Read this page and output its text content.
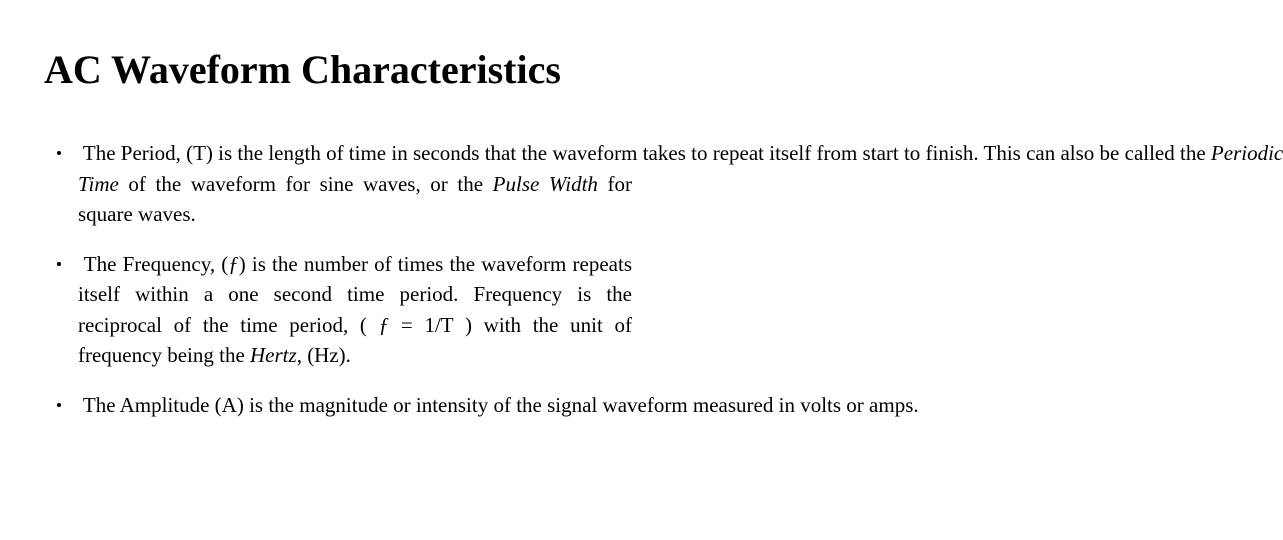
AC Waveform Characteristics
The Period, (T) is the length of time in seconds that the waveform takes to repeat itself from start to finish. This can also be called the Periodic Time of the waveform for sine waves, or the Pulse Width for square waves.
The Frequency, (ƒ) is the number of times the waveform repeats itself within a one second time period. Frequency is the reciprocal of the time period, ( ƒ = 1/T ) with the unit of frequency being the Hertz, (Hz).
The Amplitude (A) is the magnitude or intensity of the signal waveform measured in volts or amps.
